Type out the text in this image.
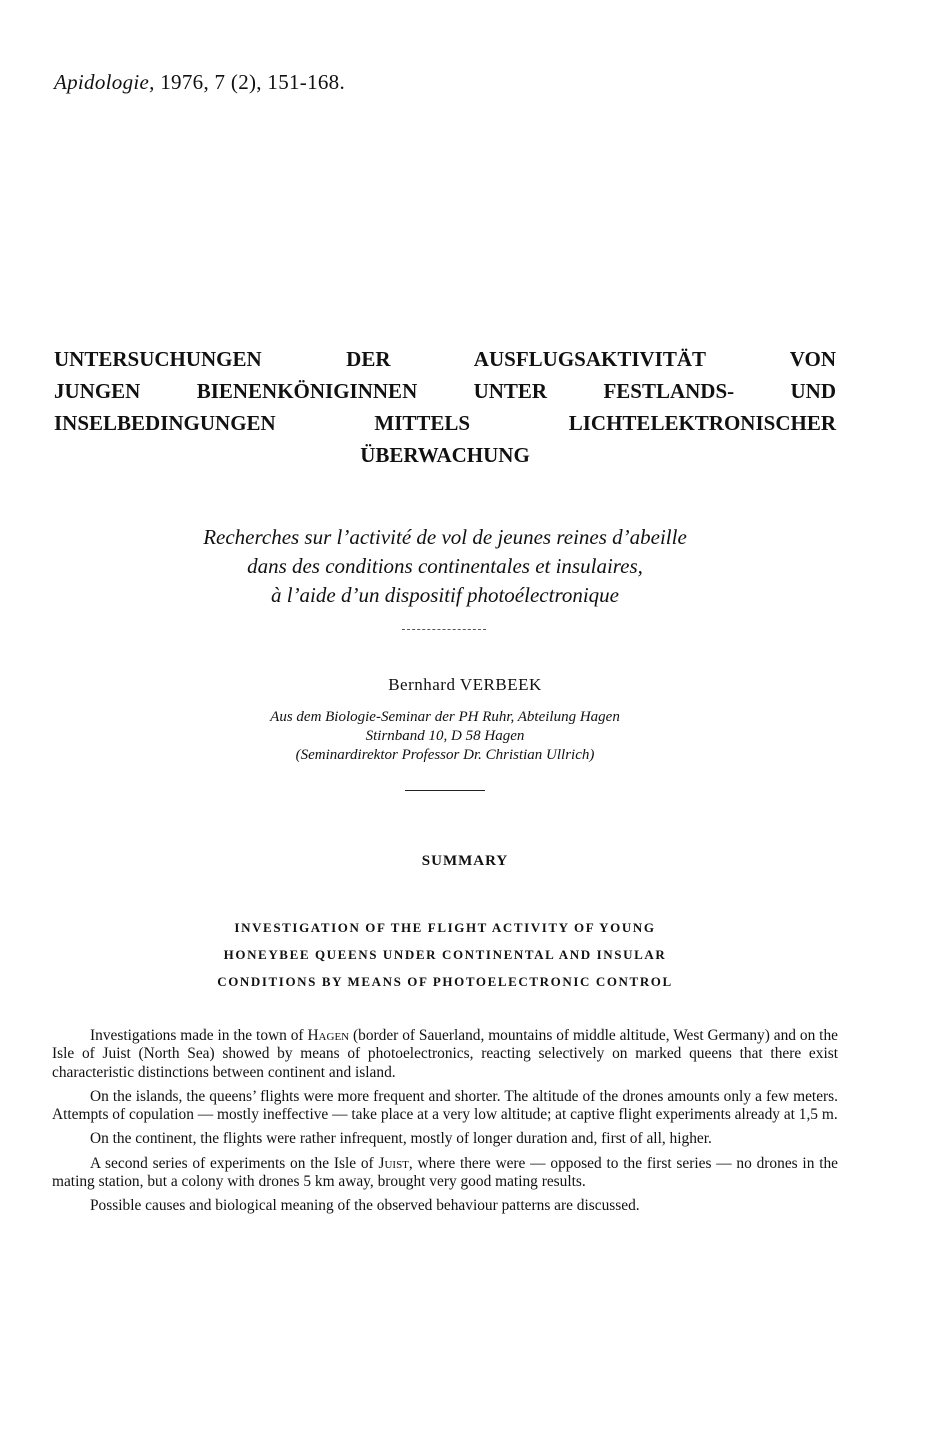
Apidologie, 1976, 7 (2), 151-168.
UNTERSUCHUNGEN DER AUSFLUGSAKTIVITÄT VON
JUNGEN BIENENKÖNIGINNEN UNTER FESTLANDS- UND
INSELBEDINGUNGEN MITTELS LICHTELEKTRONISCHER
ÜBERWACHUNG
Recherches sur l’activité de vol de jeunes reines d’abeille
dans des conditions continentales et insulaires,
à l’aide d’un dispositif photoélectronique
Bernhard VERBEEK
Aus dem Biologie-Seminar der PH Ruhr, Abteilung Hagen
Stirnband 10, D 58 Hagen
(Seminardirektor Professor Dr. Christian Ullrich)
SUMMARY
INVESTIGATION OF THE FLIGHT ACTIVITY OF YOUNG
HONEYBEE QUEENS UNDER CONTINENTAL AND INSULAR
CONDITIONS BY MEANS OF PHOTOELECTRONIC CONTROL

Investigations made in the town of Hagen (border of Sauerland, mountains of middle altitude, West Germany) and on the Isle of Juist (North Sea) showed by means of photoelectronics, reacting selectively on marked queens that there exist characteristic distinctions between continent and island.

On the islands, the queens’ flights were more frequent and shorter. The altitude of the drones amounts only a few meters. Attempts of copulation — mostly ineffective — take place at a very low altitude; at captive flight experiments already at 1,5 m.

On the continent, the flights were rather infrequent, mostly of longer duration and, first of all, higher.

A second series of experiments on the Isle of Juist, where there were — opposed to the first series — no drones in the mating station, but a colony with drones 5 km away, brought very good mating results.

Possible causes and biological meaning of the observed behaviour patterns are discussed.
